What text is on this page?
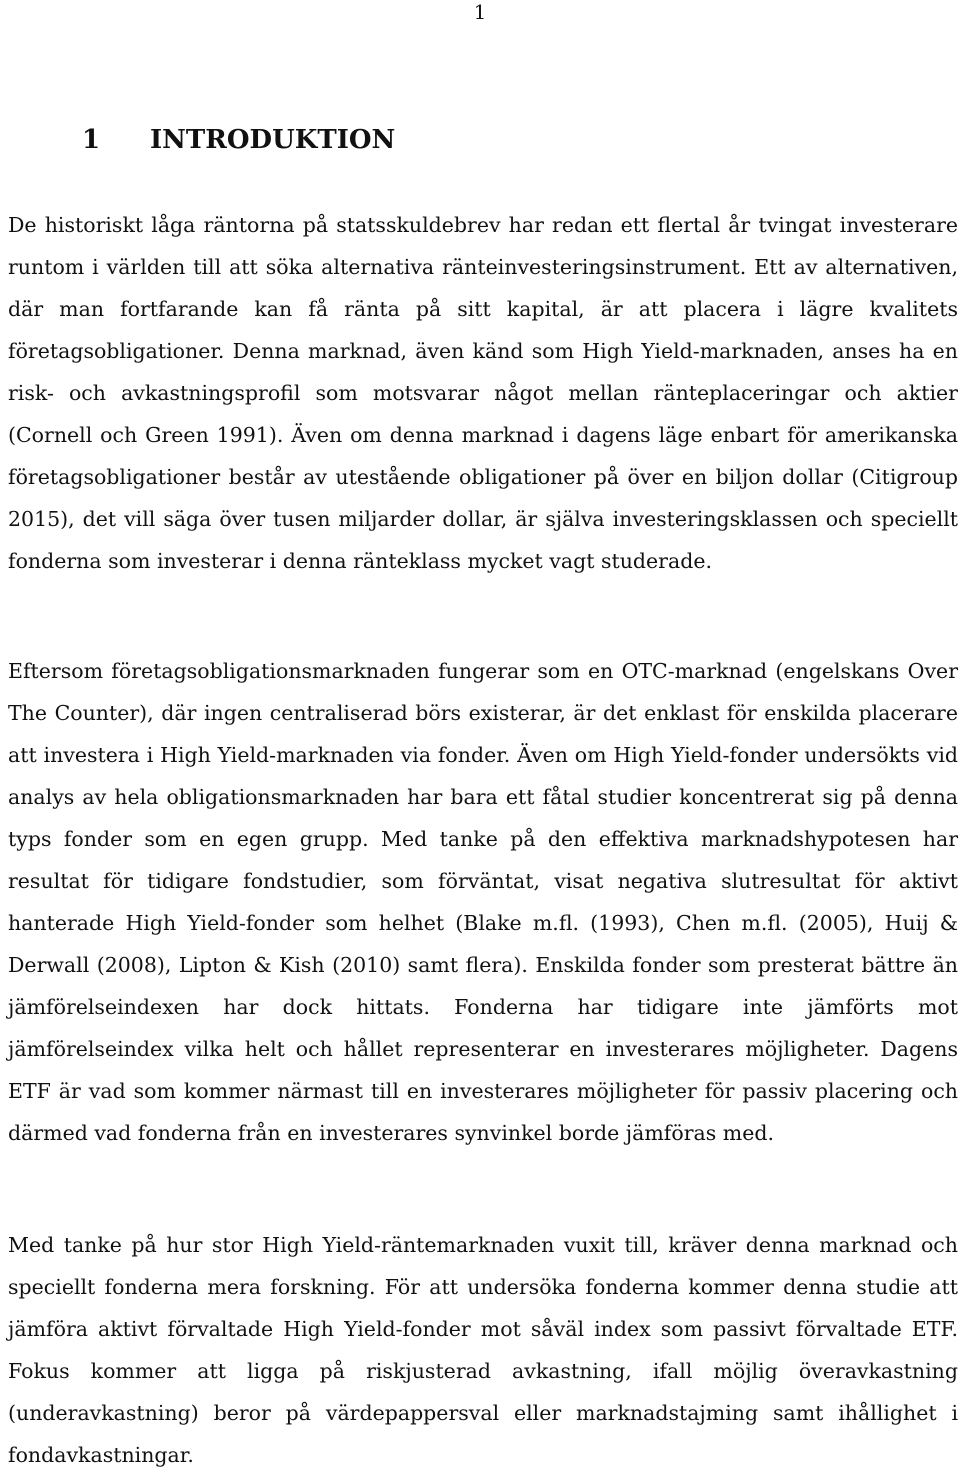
1
1 INTRODUKTION

De historiskt låga räntorna på statsskuldebrev har redan ett flertal år tvingat investerare runtom i världen till att söka alternativa ränteinvesteringsinstrument. Ett av alternativen, där man fortfarande kan få ränta på sitt kapital, är att placera i lägre kvalitets företagsobligationer. Denna marknad, även känd som High Yield-marknaden, anses ha en risk- och avkastningsprofil som motsvarar något mellan ränteplaceringar och aktier (Cornell och Green 1991). Även om denna marknad i dagens läge enbart för amerikanska företagsobligationer består av utestående obligationer på över en biljon dollar (Citigroup 2015), det vill säga över tusen miljarder dollar, är själva investeringsklassen och speciellt fonderna som investerar i denna ränteklass mycket vagt studerade.

Eftersom företagsobligationsmarknaden fungerar som en OTC-marknad (engelskans Over The Counter), där ingen centraliserad börs existerar, är det enklast för enskilda placerare att investera i High Yield-marknaden via fonder. Även om High Yield-fonder undersökts vid analys av hela obligationsmarknaden har bara ett fåtal studier koncentrerat sig på denna typs fonder som en egen grupp. Med tanke på den effektiva marknadshypotesen har resultat för tidigare fondstudier, som förväntat, visat negativa slutresultat för aktivt hanterade High Yield-fonder som helhet (Blake m.fl. (1993), Chen m.fl. (2005), Huij & Derwall (2008), Lipton & Kish (2010) samt flera). Enskilda fonder som presterat bättre än jämförelseindexen har dock hittats. Fonderna har tidigare inte jämförts mot jämförelseindex vilka helt och hållet representerar en investerares möjligheter. Dagens ETF är vad som kommer närmast till en investerares möjligheter för passiv placering och därmed vad fonderna från en investerares synvinkel borde jämföras med.

Med tanke på hur stor High Yield-räntemarknaden vuxit till, kräver denna marknad och speciellt fonderna mera forskning. För att undersöka fonderna kommer denna studie att jämföra aktivt förvaltade High Yield-fonder mot såväl index som passivt förvaltade ETF. Fokus kommer att ligga på riskjusterad avkastning, ifall möjlig överavkastning (underavkastning) beror på värdepappersval eller marknadstajming samt ihållighet i fondavkastningar.
